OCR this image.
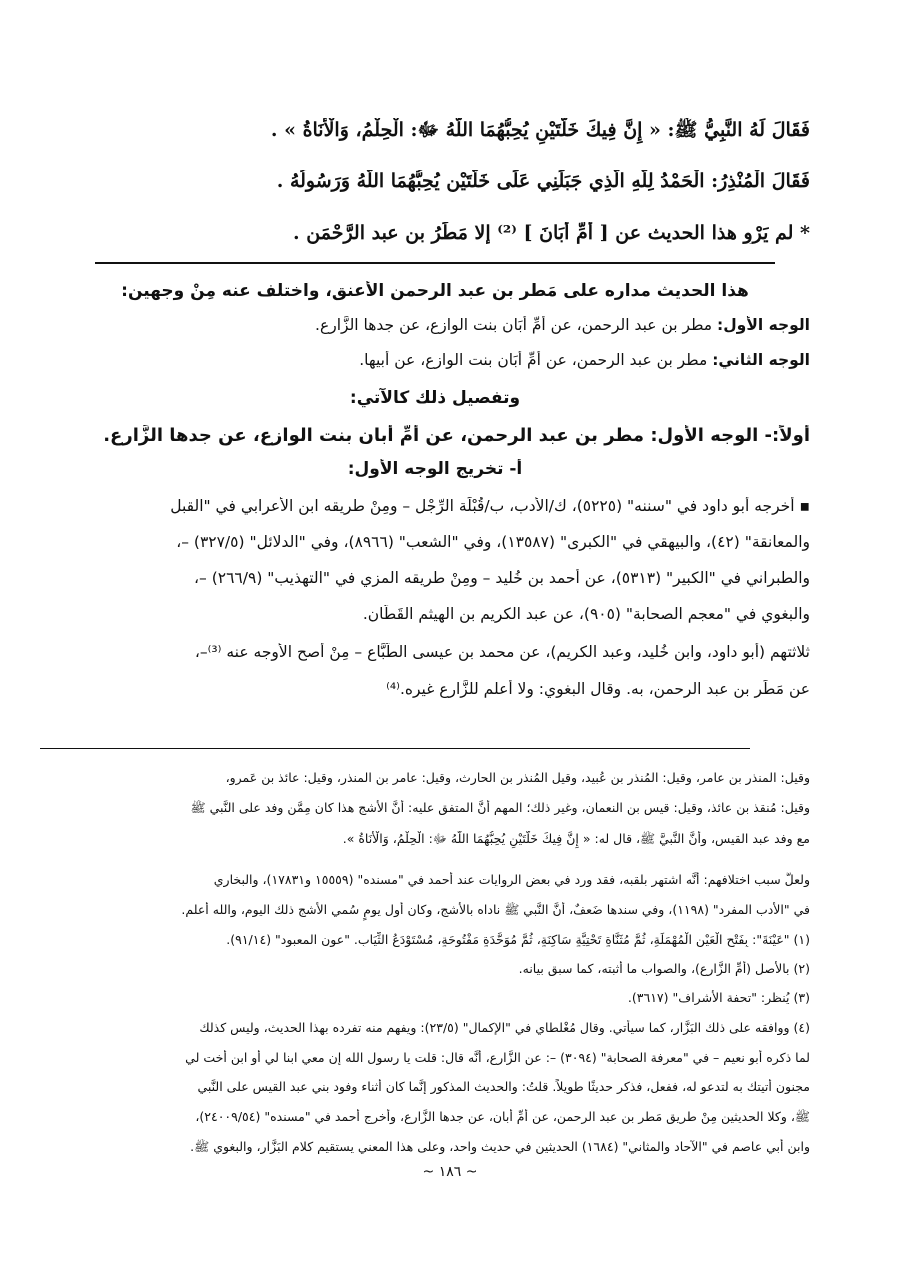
فَقَالَ لَهُ النَّبِيُّ ﷺ: « إِنَّ فِيكَ خَلَّتَيْنِ يُحِبُّهُمَا اللَّهُ ﷻ: الْحِلْمُ، وَالْأَنَاةُ » .
فَقَالَ الْمُنْذِرُ: الْحَمْدُ لِلَّهِ الَّذِي جَبَلَنِي عَلَى خَلَّتَيْنِ يُحِبُّهُمَا اللَّهُ وَرَسُولُهُ .
* لم يَرْوِ هذا الحديث عن [ أُمِّ أَبَانَ ] ⁽²⁾ إلا مَطَرُ بن عبد الرَّحْمَنِ .
هذا الحديث مداره على مَطر بن عبد الرحمن الأعنق، واختلف عنه مِنْ وجهين:
الوجه الأول: مطر بن عبد الرحمن، عن أُمِّ أَبَان بنت الوازع، عن جدها الزَّارع.
الوجه الثاني: مطر بن عبد الرحمن، عن أُمِّ أَبَان بنت الوازع، عن أبيها.
وتفصيل ذلك كالآتي:
أولاً:- الوجه الأول: مطر بن عبد الرحمن، عن أمِّ أَبان بنت الوازع، عن جدها الزَّارع.
أ- تخريج الوجه الأول:
▪ أخرجه أبو داود في "سننه" (٥٢٢٥)، ك/الأدب، ب/قُبْلَة الرِّجْل – ومِنْ طريقه ابن الأعرابي في "القبل
والمعانقة" (٤٢)، والبيهقي في "الكبرى" (١٣٥٨٧)، وفي "الشعب" (٨٩٦٦)، وفي "الدلائل" (٣٢٧/٥) –،
والطبراني في "الكبير" (٥٣١٣)، عن أحمد بن خُليد – ومِنْ طريقه المزي في "التهذيب" (٢٦٦/٩) –،
والبغوي في "معجم الصحابة" (٩٠٥)، عن عبد الكريم بن الهيثم القَطَّان.
ثلاثتهم (أبو داود، وابن خُليد، وعبد الكريم)، عن محمد بن عيسى الطَّبَّاع – مِنْ أصح الأوجه عنه ⁽³⁾–،
عن مَطَر بن عبد الرحمن، به. وقال البغوي: ولا أعلم للزَّارع غيره.⁽⁴⁾
وقيل: المنذر بن عامر، وقيل: المُنذر بن عُبيد، وقيل المُنذر بن الحارث، وقيل: عامر بن المنذر، وقيل: عائذ بن عَمرو،
وقيل: مُنقذ بن عائذ، وقيل: قيس بن النعمان، وغير ذلك؛ المهم أنَّ المتفق عليه: أنَّ الأشج هذا كان مِمَّن وفد على النَّبي ﷺ
مع وفد عبد القيس، وأنَّ النَّبيَّ ﷺ، قال له: « إِنَّ فِيكَ خَلَّتَيْنِ يُحِبُّهُمَا اللَّهُ ﷻ: الْحِلْمُ، وَالْأَنَاةُ ».
ولعلَّ سبب اختلافهم: أنَّه اشتهر بلقبه، فقد ورد في بعض الروايات عند أحمد في "مسنده" (١٥٥٥٩ و١٧٨٣١)، والبخاري
في "الأدب المفرد" (١١٩٨)، وفي سندها ضَعفٌ، أنَّ النَّبي ﷺ ناداه بالأشج، وكان أول يومٍ سُمي الأشج ذلك اليوم، والله أعلم.
(١) "عَيْنَةَ": بِفَتْحِ الْعَيْنِ الْمُهْمَلَةِ، ثُمَّ مُثَنَّاةٍ تَحْتِيَّةٍ سَاكِنَةٍ، ثُمَّ مُوَحَّدَةٍ مَفْتُوحَةٍ، مُسْتَوْدَعُ الثِّيَابِ. "عون المعبود" (٩١/١٤).
(٢) بالأصل (أُمِّ الزَّارِعِ)، والصواب ما أثبته، كما سبق بيانه.
(٣) يُنظر: "تحفة الأشراف" (٣٦١٧).
(٤) ووافقه على ذلك البَزَّار، كما سيأتي. وقال مُغْلطاي في "الإكمال" (٢٣/٥): ويفهم منه تفرده بهذا الحديث، وليس كذلك
لما ذكره أبو نعيم – في "معرفة الصحابة" (٣٠٩٤) –: عن الزَّارع، أنَّه قال: قلت يا رسول الله إن معي ابنا لي أو ابن أخت لي
مجنون أتيتك به لتدعو له، ففعل، فذكر حديثًا طويلاً. قلتُ: والحديث المذكور إنَّما كان أثناء وفود بني عبد القيس على النَّبي
ﷺ، وكلا الحديثين مِنْ طريق مَطر بن عبد الرحمن، عن أُمِّ أبان، عن جدها الزَّارع، وأخرج أحمد في "مسنده" (٢٤٠٠٩/٥٤)،
وابن أبي عاصم في "الآحاد والمثاني" (١٦٨٤) الحديثين في حديث واحد، وعلى هذا المعني يستقيم كلام البَزَّار، والبغوي ﷺ.
~ ١٨٦ ~
